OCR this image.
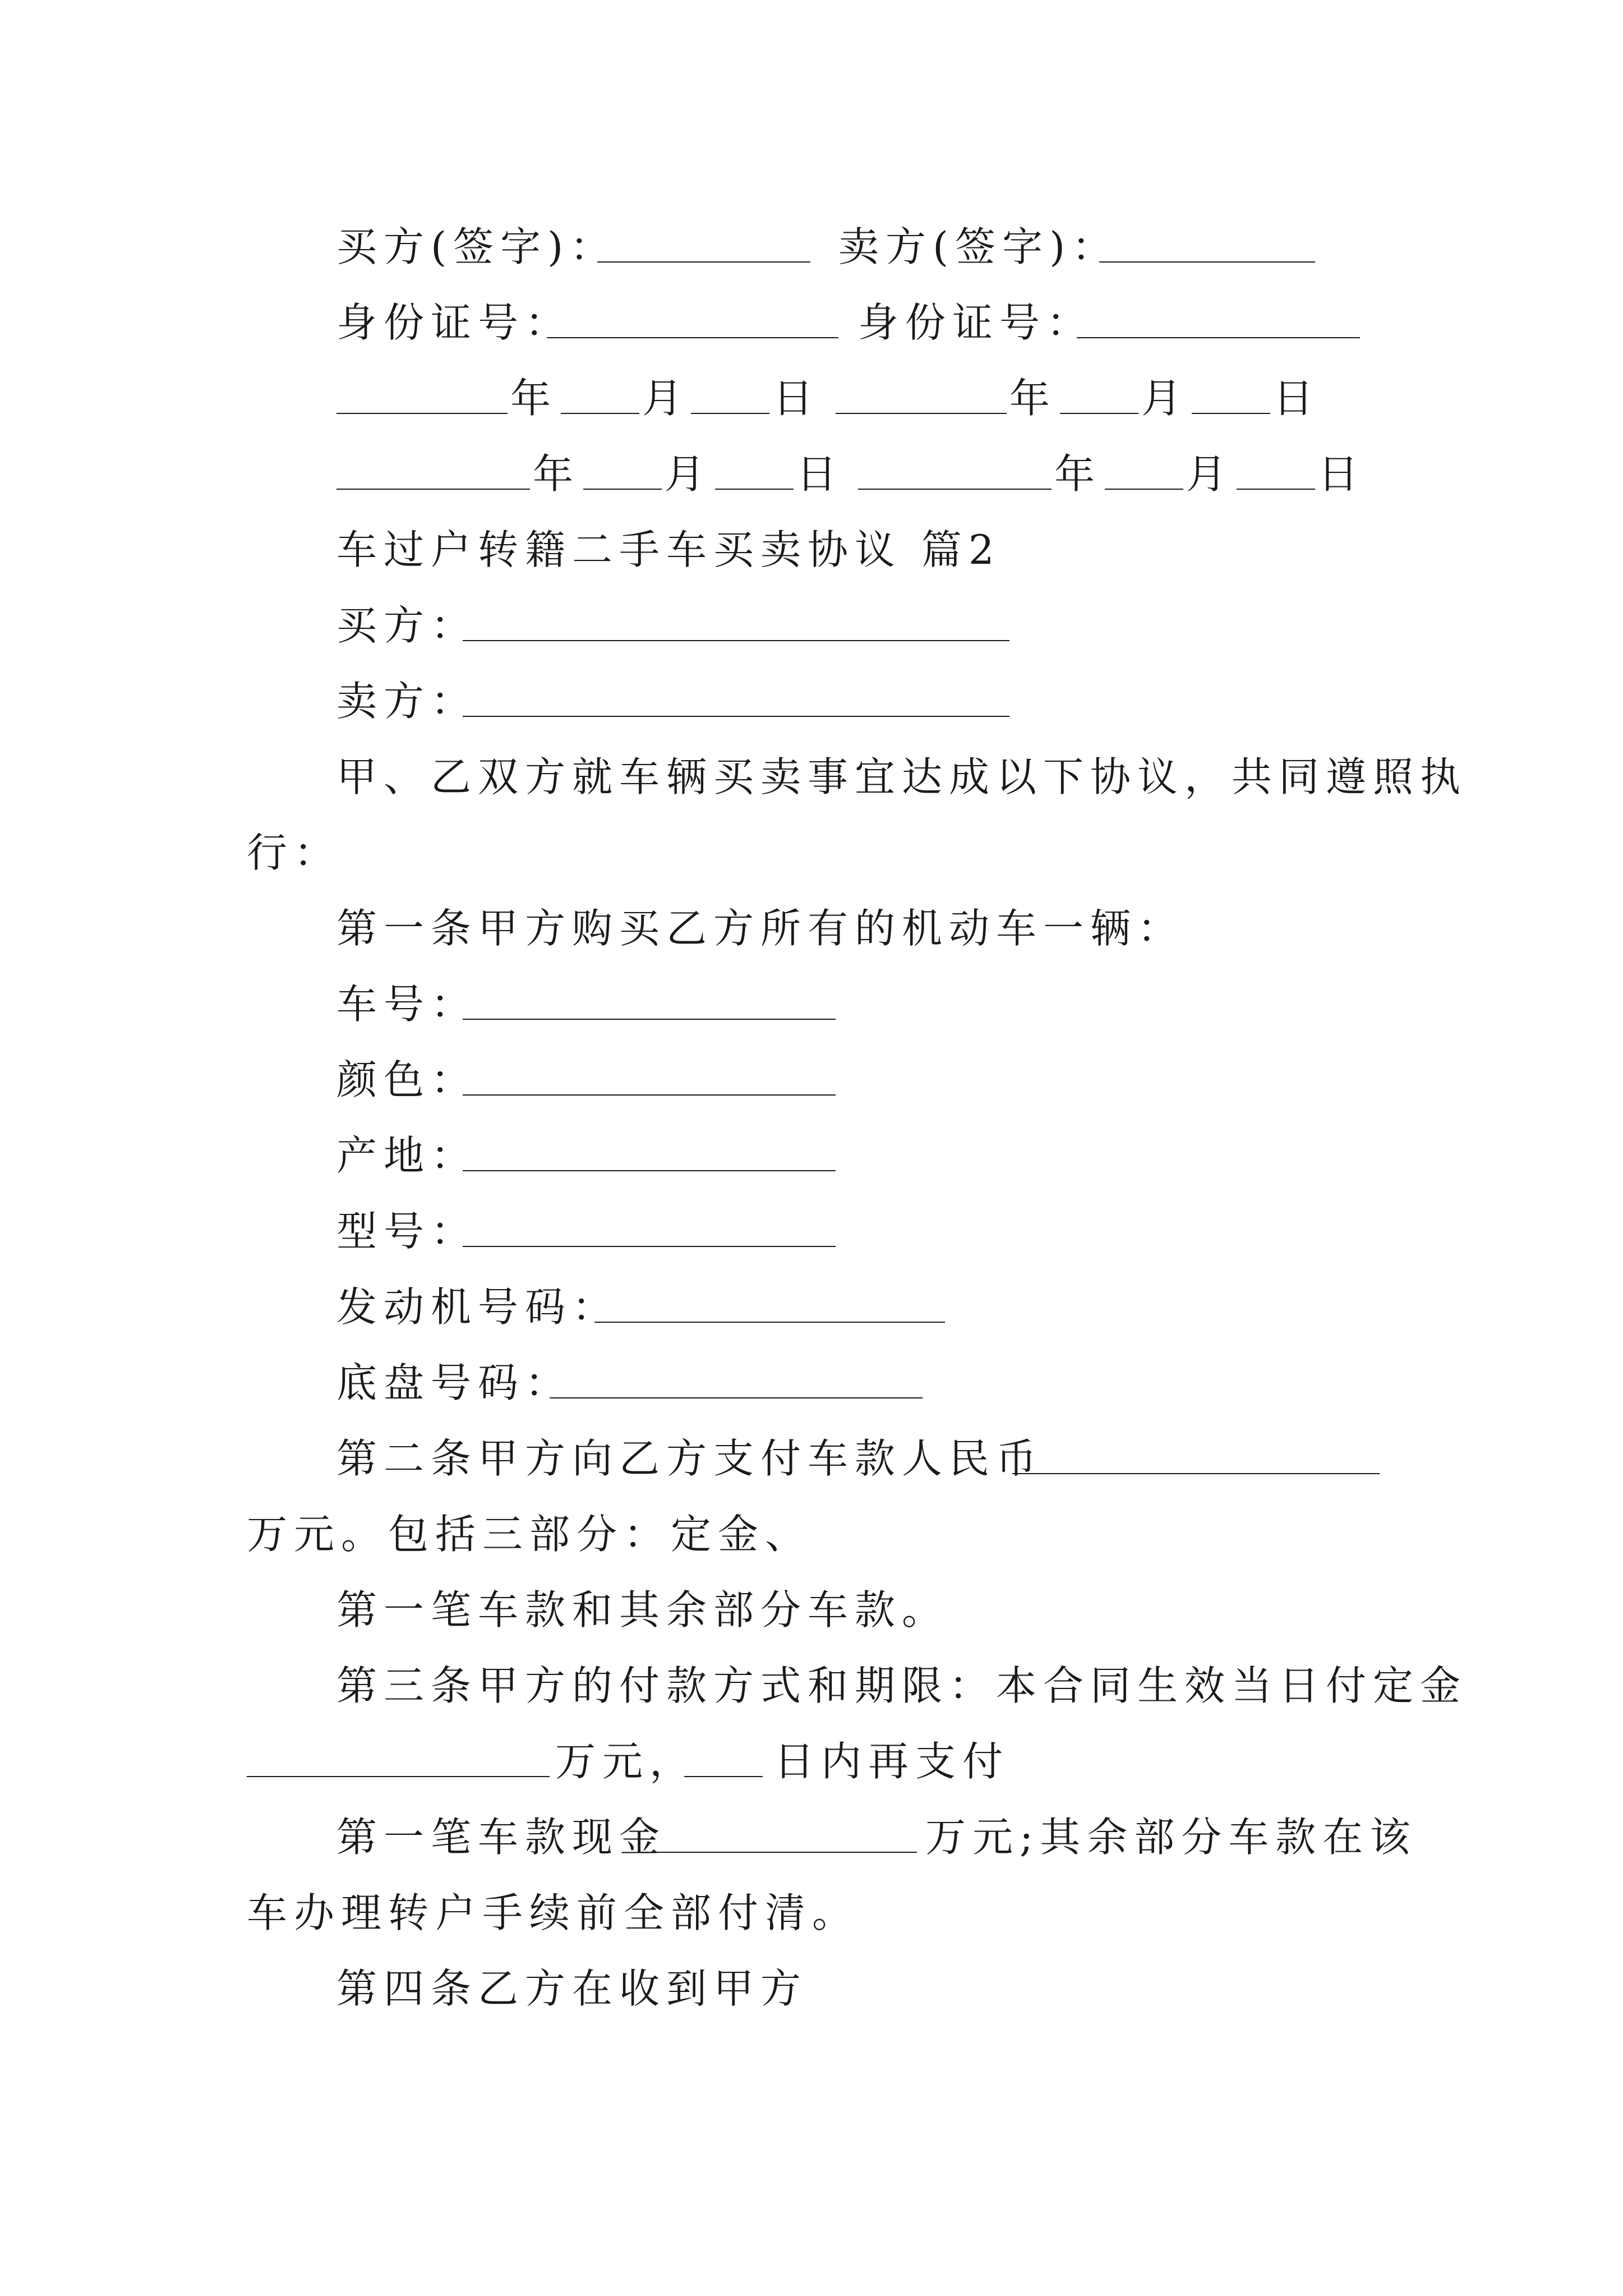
买方(签字)：	卖方(签字)：
身份证号：	身份证号：
年 月 日	年 月 日
年 月 日	年 月 日
车过户转籍二手车买卖协议 篇2
买方：
卖方：
甲、乙双方就车辆买卖事宜达成以下协议，共同遵照执
行：
第一条甲方购买乙方所有的机动车一辆：
车号：
颜色：
产地：
型号：
发动机号码：
底盘号码：
第二条甲方向乙方支付车款人民币
万元。包括三部分：定金、
第一笔车款和其余部分车款。
第三条甲方的付款方式和期限：本合同生效当日付定金
万元， 日内再支付
第一笔车款现金	万元;其余部分车款在该
车办理转户手续前全部付清。
第四条乙方在收到甲方
